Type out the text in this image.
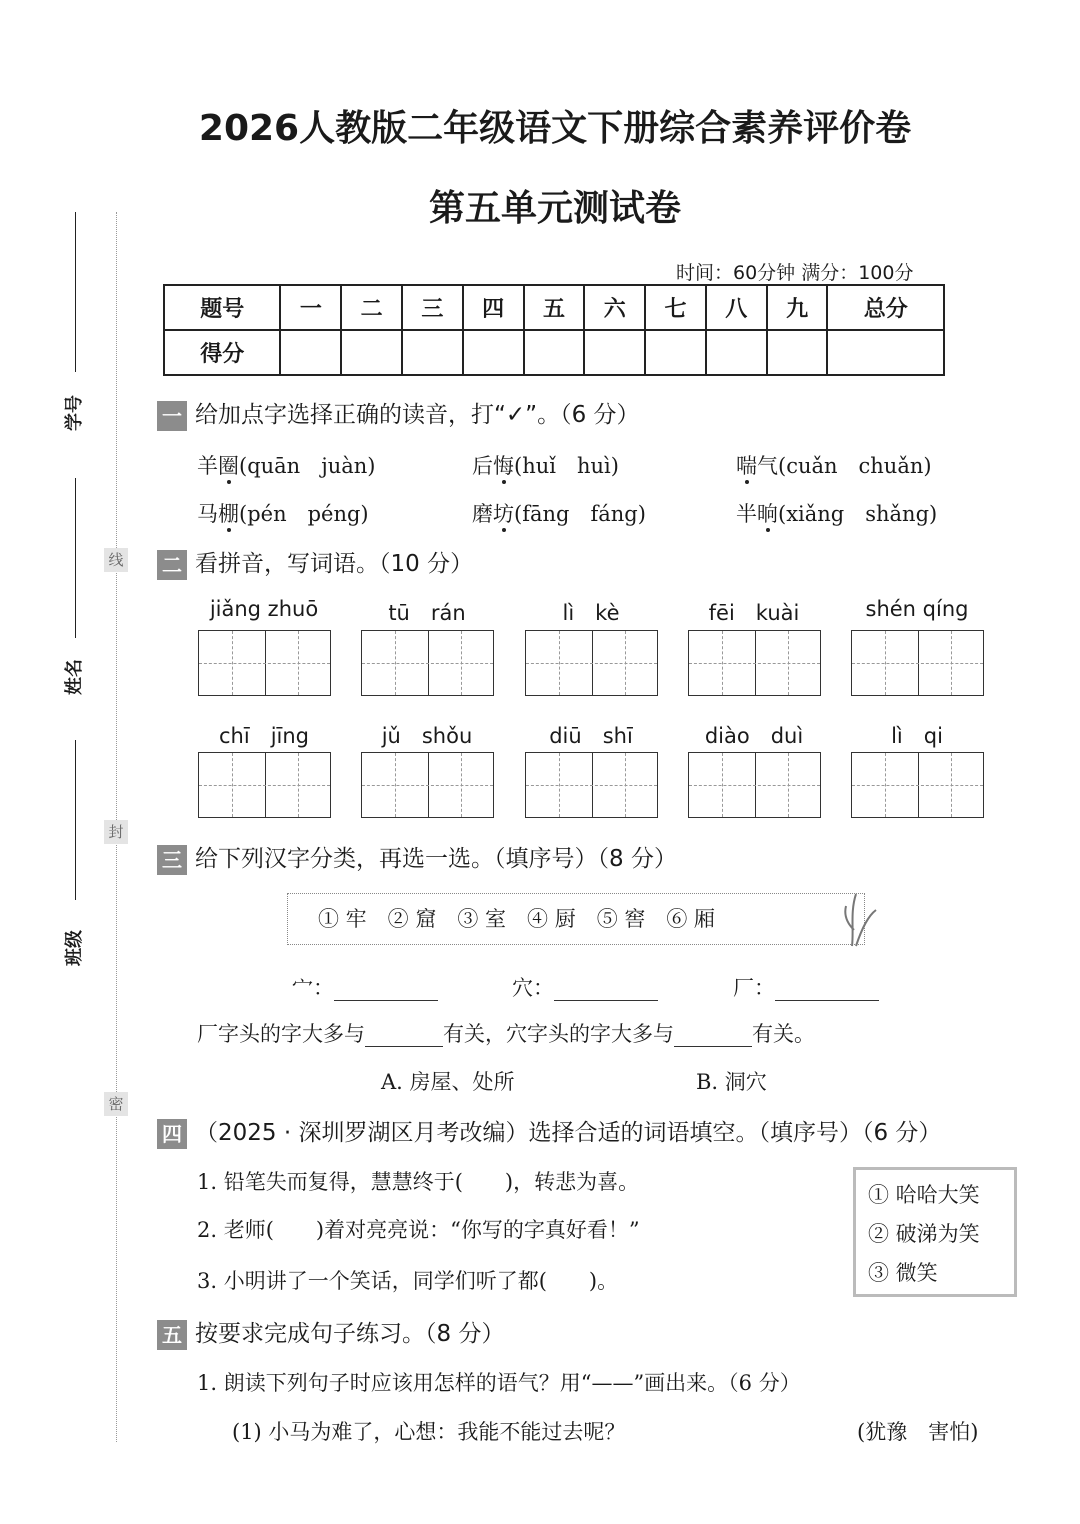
学号
姓名
班级
线
封
密
2026人教版二年级语文下册综合素养评价卷
第五单元测试卷
时间：60分钟 满分：100分
题号	一	二	三	四	五	六	七	八	九	总分
得分										
一 给加点字选择正确的读音，打“✓”。（6 分）
羊圈(quān　juàn)	后悔(huǐ　huì)	喘气(cuǎn　chuǎn)
马棚(pén　péng)	磨坊(fāng　fáng)	半晌(xiǎng　shǎng)
二 看拼音，写词语。（10 分）
jiǎng zhuō	tū　rán	lì　kè	fēi　kuài	shén qíng
chī　jīng	jǔ　shǒu	diū　shī	diào　duì	lì　qi
三 给下列汉字分类，再选一选。（填序号）（8 分）
① 牢　② 窟　③ 室　④ 厨　⑤ 窖　⑥ 厢
宀：	穴：	厂：
厂字头的字大多与	有关，穴字头的字大多与	有关。
A. 房屋、处所	B. 洞穴
四 （2025 · 深圳罗湖区月考改编）选择合适的词语填空。（填序号）（6 分）
1. 铅笔失而复得，慧慧终于(　　)，转悲为喜。
2. 老师(　　)着对亮亮说：“你写的字真好看！”
3. 小明讲了一个笑话，同学们听了都(　　)。
① 哈哈大笑
② 破涕为笑
③ 微笑
五 按要求完成句子练习。（8 分）
1. 朗读下列句子时应该用怎样的语气？用“——”画出来。（6 分）
(1) 小马为难了，心想：我能不能过去呢？	(犹豫　害怕)
